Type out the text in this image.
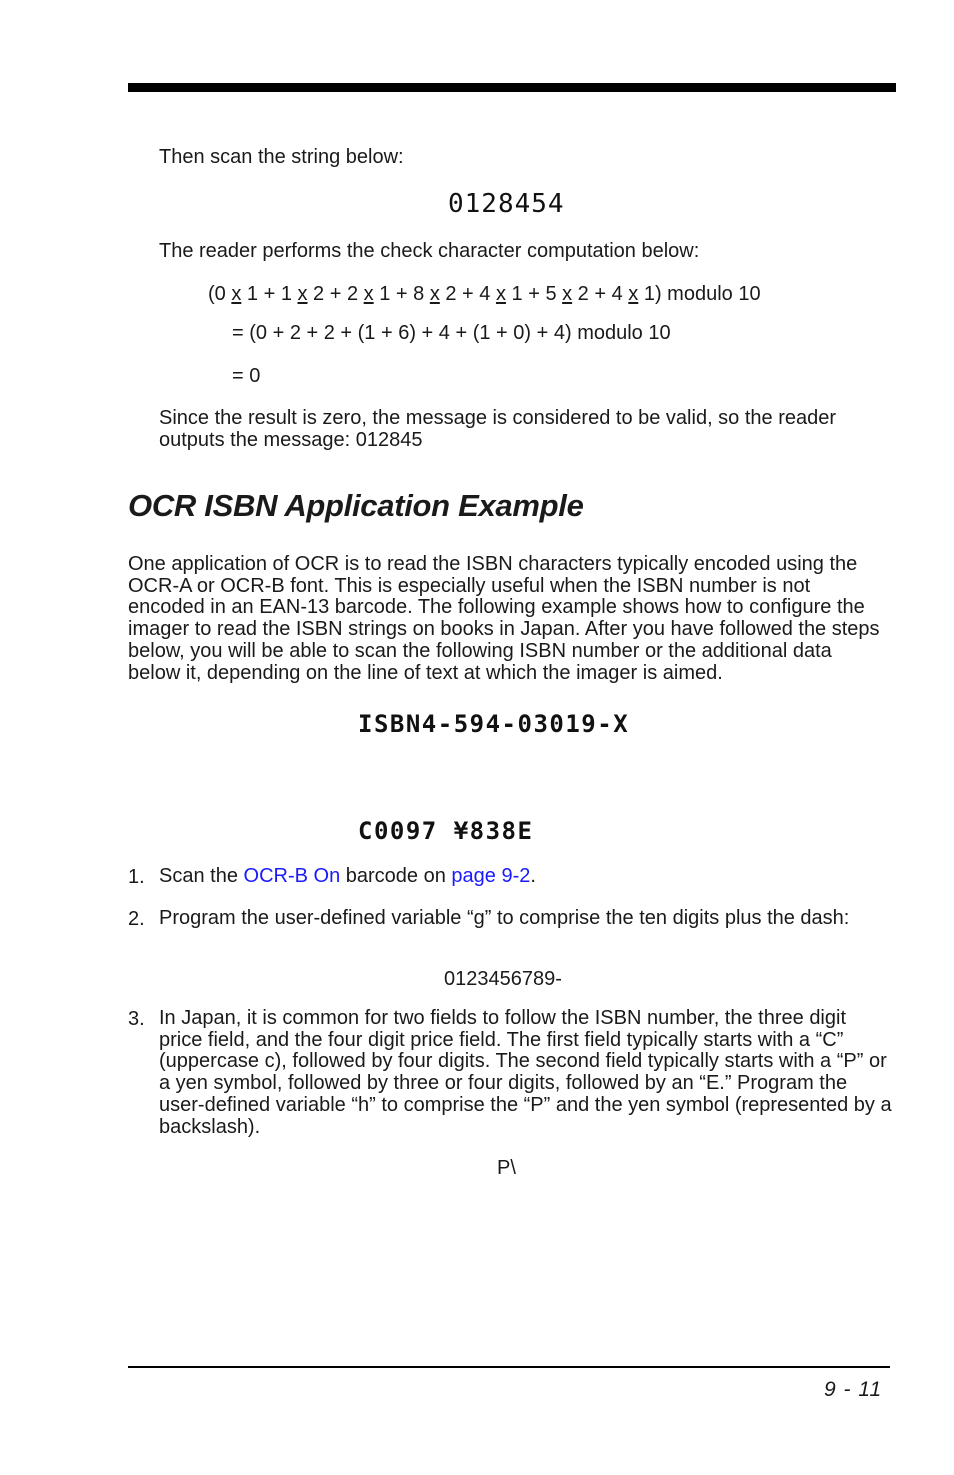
Then scan the string below:
0128454
The reader performs the check character computation below:
(0 x 1 + 1 x 2 + 2 x 1 + 8 x 2 + 4 x 1 + 5 x 2 + 4 x 1) modulo 10
= (0 + 2 + 2 + (1 + 6) + 4 + (1 + 0) + 4) modulo 10
= 0
Since the result is zero, the message is considered to be valid, so the reader outputs the message: 012845
OCR ISBN Application Example
One application of OCR is to read the ISBN characters typically encoded using the OCR-A or OCR-B font. This is especially useful when the ISBN number is not encoded in an EAN-13 barcode. The following example shows how to configure the imager to read the ISBN strings on books in Japan. After you have followed the steps below, you will be able to scan the following ISBN number or the additional data below it, depending on the line of text at which the imager is aimed.
ISBN4-594-03019-X
C0097 ¥838E
1. Scan the OCR-B On barcode on page 9-2.
2. Program the user-defined variable “g” to comprise the ten digits plus the dash:
0123456789-
3. In Japan, it is common for two fields to follow the ISBN number, the three digit price field, and the four digit price field. The first field typically starts with a “C” (uppercase c), followed by four digits. The second field typically starts with a “P” or a yen symbol, followed by three or four digits, followed by an “E.” Program the user-defined variable “h” to comprise the “P” and the yen symbol (represented by a backslash).
P\
9 - 11
